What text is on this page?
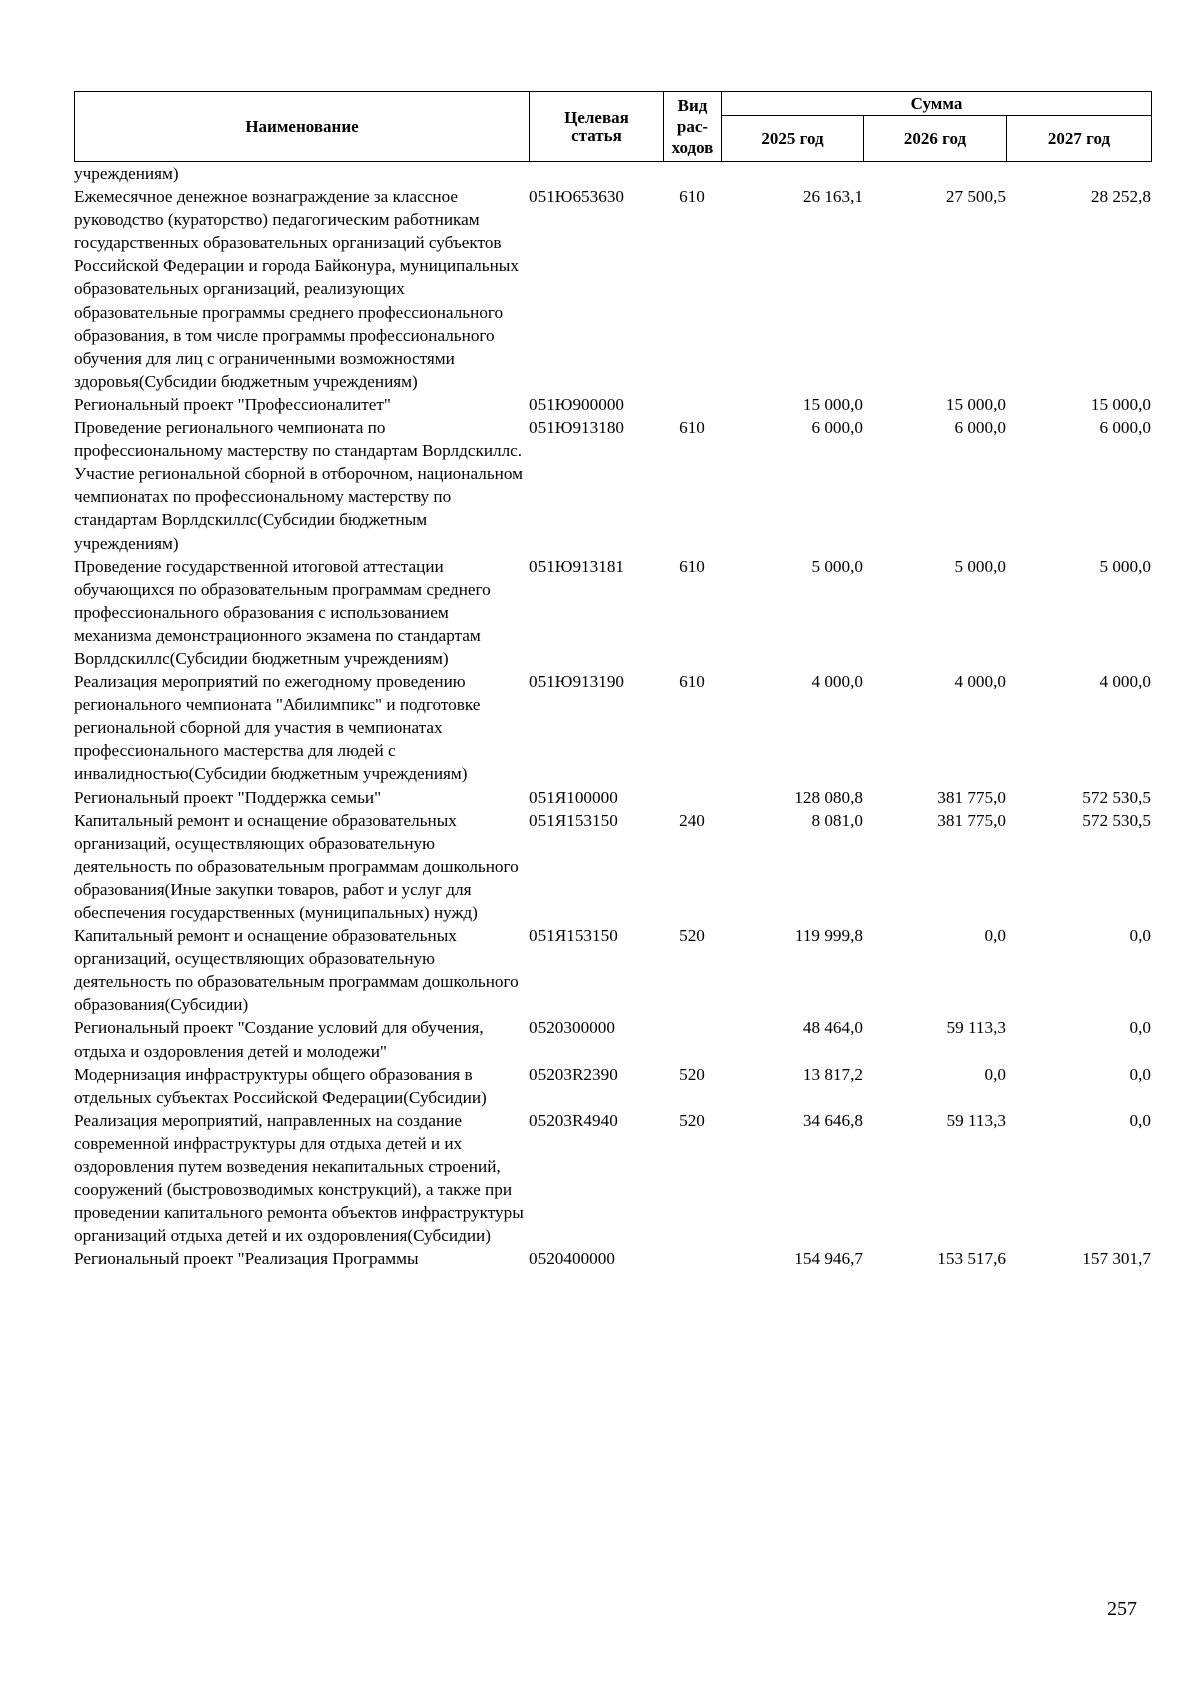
Наименование	Целевая статья	Вид рас-ходов	Сумма		
			2025 год	2026 год	2027 год
учреждениям)					
Ежемесячное денежное вознаграждение за классное руководство (кураторство) педагогическим работникам государственных образовательных организаций субъектов Российской Федерации и города Байконура, муниципальных образовательных организаций, реализующих образовательные программы среднего профессионального образования, в том числе программы профессионального обучения для лиц с ограниченными возможностями здоровья(Субсидии бюджетным учреждениям)	051Ю653630	610	26 163,1	27 500,5	28 252,8
Региональный проект "Профессионалитет"	051Ю900000		15 000,0	15 000,0	15 000,0
Проведение регионального чемпионата по профессиональному мастерству по стандартам Ворлдскиллс. Участие региональной сборной в отборочном, национальном чемпионатах по профессиональному мастерству по стандартам Ворлдскиллс(Субсидии бюджетным учреждениям)	051Ю913180	610	6 000,0	6 000,0	6 000,0
Проведение государственной итоговой аттестации обучающихся по образовательным программам среднего профессионального образования с использованием механизма демонстрационного экзамена по стандартам Ворлдскиллс(Субсидии бюджетным учреждениям)	051Ю913181	610	5 000,0	5 000,0	5 000,0
Реализация мероприятий по ежегодному проведению регионального чемпионата "Абилимпикс" и подготовке региональной сборной для участия в чемпионатах профессионального мастерства для людей с инвалидностью(Субсидии бюджетным учреждениям)	051Ю913190	610	4 000,0	4 000,0	4 000,0
Региональный проект "Поддержка семьи"	051Я100000		128 080,8	381 775,0	572 530,5
Капитальный ремонт и оснащение образовательных организаций, осуществляющих образовательную деятельность по образовательным программам дошкольного образования(Иные закупки товаров, работ и услуг для обеспечения государственных (муниципальных) нужд)	051Я153150	240	8 081,0	381 775,0	572 530,5
Капитальный ремонт и оснащение образовательных организаций, осуществляющих образовательную деятельность по образовательным программам дошкольного образования(Субсидии)	051Я153150	520	119 999,8	0,0	0,0
Региональный проект "Создание условий для обучения, отдыха и оздоровления детей и молодежи"	0520300000		48 464,0	59 113,3	0,0
Модернизация инфраструктуры общего образования в отдельных субъектах Российской Федерации(Субсидии)	05203R2390	520	13 817,2	0,0	0,0
Реализация мероприятий, направленных на создание современной инфраструктуры для отдыха детей и их оздоровления путем возведения некапитальных строений, сооружений (быстровозводимых конструкций), а также при проведении капитального ремонта объектов инфраструктуры организаций отдыха детей и их оздоровления(Субсидии)	05203R4940	520	34 646,8	59 113,3	0,0
Региональный проект "Реализация Программы	0520400000		154 946,7	153 517,6	157 301,7
257
